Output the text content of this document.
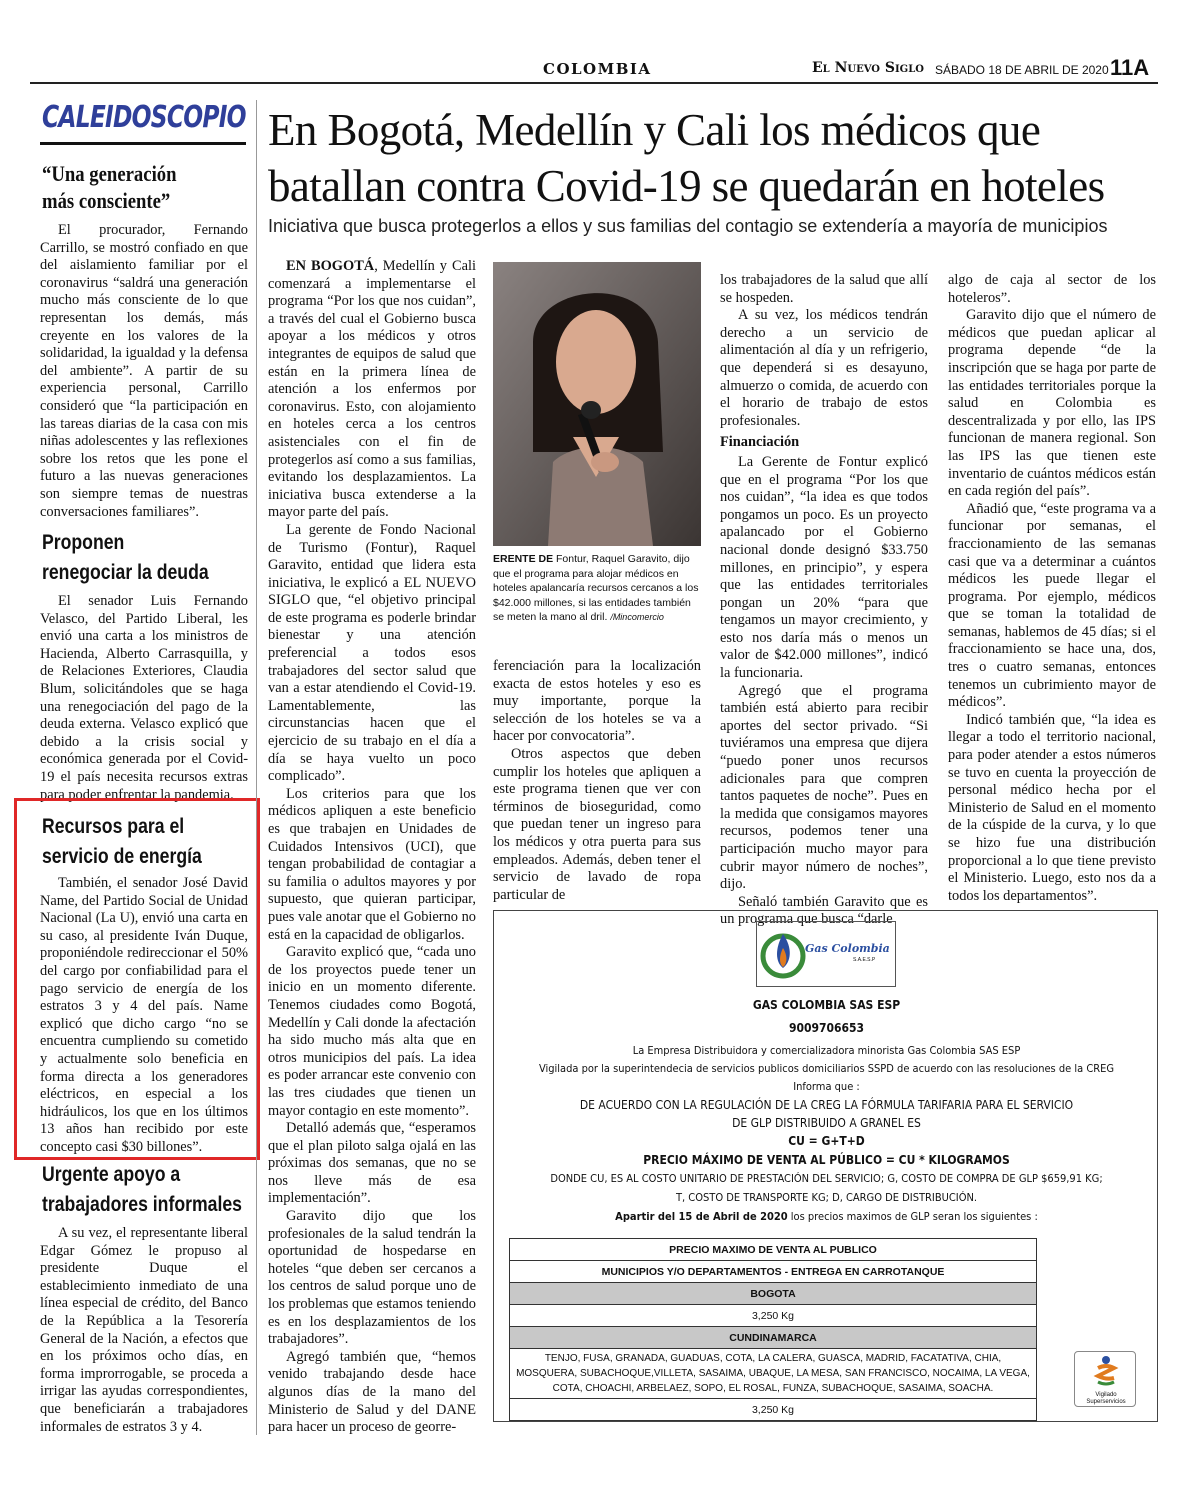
COLOMBIA	El Nuevo Siglo SÁBADO 18 DE ABRIL DE 2020 11A
CALEIDOSCOPIO
“Una generación
más consciente”

El procurador, Fernando Carrillo, se mostró confiado en que del aislamiento familiar por el coronavirus “saldrá una generación mucho más consciente de lo que representan los demás, más creyente en los valores de la solidaridad, la igualdad y la defensa del ambiente”. A partir de su experiencia personal, Carrillo consideró que “la participación en las tareas diarias de la casa con mis niñas adolescentes y las reflexiones sobre los retos que les pone el futuro a las nuevas generaciones son siempre temas de nuestras conversaciones familiares”.

Proponen
renegociar la deuda

El senador Luis Fernando Velasco, del Partido Liberal, les envió una carta a los ministros de Hacienda, Alberto Carrasquilla, y de Relaciones Exteriores, Claudia Blum, solicitándoles que se haga una renegociación del pago de la deuda externa. Velasco explicó que debido a la crisis social y económica generada por el Covid-19 el país necesita recursos extras para poder enfrentar la pandemia.

Recursos para el
servicio de energía

También, el senador José David Name, del Partido Social de Unidad Nacional (La U), envió una carta en su caso, al presidente Iván Duque, proponiéndole redireccionar el 50% del cargo por confiabilidad para el pago servicio de energía de los estratos 3 y 4 del país. Name explicó que dicho cargo “no se encuentra cumpliendo su cometido y actualmente solo beneficia en forma directa a los generadores eléctricos, en especial a los hidráulicos, los que en los últimos 13 años han recibido por este concepto casi $30 billones”.

Urgente apoyo a
trabajadores informales

A su vez, el representante liberal Edgar Gómez le propuso al presidente Duque el establecimiento inmediato de una línea especial de crédito, del Banco de la República a la Tesorería General de la Nación, a efectos que en los próximos ocho días, en forma improrrogable, se proceda a irrigar las ayudas correspondientes, que beneficiarán a trabajadores informales de estratos 3 y 4.

En Bogotá, Medellín y Cali los médicos que batallan contra Covid-19 se quedarán en hoteles
Iniciativa que busca protegerlos a ellos y sus familias del contagio se extendería a mayoría de municipios

EN BOGOTÁ, Medellín y Cali comenzará a implementarse el programa “Por los que nos cuidan”, a través del cual el Gobierno busca apoyar a los médicos y otros integrantes de equipos de salud que están en la primera línea de atención a los enfermos por coronavirus. Esto, con alojamiento en hoteles cerca a los centros asistenciales con el fin de protegerlos así como a sus familias, evitando los desplazamientos. La iniciativa busca extenderse a la mayor parte del país.

La gerente de Fondo Nacional de Turismo (Fontur), Raquel Garavito, entidad que lidera esta iniciativa, le explicó a EL NUEVO SIGLO que, “el objetivo principal de este programa es poderle brindar bienestar y una atención preferencial a todos esos trabajadores del sector salud que van a estar atendiendo el Covid-19. Lamentablemente, las circunstancias hacen que el ejercicio de su trabajo en el día a día se haya vuelto un poco complicado”.

Los criterios para que los médicos apliquen a este beneficio es que trabajen en Unidades de Cuidados Intensivos (UCI), que tengan probabilidad de contagiar a su familia o adultos mayores y por supuesto, que quieran participar, pues vale anotar que el Gobierno no está en la capacidad de obligarlos.

Garavito explicó que, “cada uno de los proyectos puede tener un inicio en un momento diferente. Tenemos ciudades como Bogotá, Medellín y Cali donde la afectación ha sido mucho más alta que en otros municipios del país. La idea es poder arrancar este convenio con las tres ciudades que tienen un mayor contagio en este momento”.

Detalló además que, “esperamos que el plan piloto salga ojalá en las próximas dos semanas, que no se nos lleve más de esa implementación”.

Garavito dijo que los profesionales de la salud tendrán la oportunidad de hospedarse en hoteles “que deben ser cercanos a los centros de salud porque uno de los problemas que estamos teniendo es en los desplazamientos de los trabajadores”.

Agregó también que, “hemos venido trabajando desde hace algunos días de la mano del Ministerio de Salud y del DANE para hacer un proceso de georre-

ERENTE DE Fontur, Raquel Garavito, dijo que el programa para alojar médicos en hoteles apalancaría recursos cercanos a los $42.000 millones, si las entidades también se meten la mano al dril. /Mincomercio

ferenciación para la localización exacta de estos hoteles y eso es muy importante, porque la selección de los hoteles se va a hacer por convocatoria”.

Otros aspectos que deben cumplir los hoteles que apliquen a este programa tienen que ver con términos de bioseguridad, como que puedan tener un ingreso para los médicos y otra puerta para sus empleados. Además, deben tener el servicio de lavado de ropa particular de

los trabajadores de la salud que allí se hospeden.

A su vez, los médicos tendrán derecho a un servicio de alimentación al día y un refrigerio, que dependerá si es desayuno, almuerzo o comida, de acuerdo con el horario de trabajo de estos profesionales.

Financiación

La Gerente de Fontur explicó que en el programa “Por los que nos cuidan”, “la idea es que todos pongamos un poco. Es un proyecto apalancado por el Gobierno nacional donde designó $33.750 millones, en principio”, y espera que las entidades territoriales pongan un 20% “para que tengamos un mayor crecimiento, y esto nos daría más o menos un valor de $42.000 millones”, indicó la funcionaria.

Agregó que el programa también está abierto para recibir aportes del sector privado. “Si tuviéramos una empresa que dijera “puedo poner unos recursos adicionales para que compren tantos paquetes de noche”. Pues en la medida que consigamos mayores recursos, podemos tener una participación mucho mayor para cubrir mayor número de noches”, dijo.

Señaló también Garavito que es un programa que busca “darle

algo de caja al sector de los hoteleros”.

Garavito dijo que el número de médicos que puedan aplicar al programa depende “de la inscripción que se haga por parte de las entidades territoriales porque la salud en Colombia es descentralizada y por ello, las IPS funcionan de manera regional. Son las IPS las que tienen este inventario de cuántos médicos están en cada región del país”.

Añadió que, “este programa va a funcionar por semanas, el fraccionamiento de las semanas casi que va a determinar a cuántos médicos les puede llegar el programa. Por ejemplo, médicos que se toman la totalidad de semanas, hablemos de 45 días; si el fraccionamiento se hace una, dos, tres o cuatro semanas, entonces tenemos un cubrimiento mayor de médicos”.

Indicó también que, “la idea es llegar a todo el territorio nacional, para poder atender a estos números se tuvo en cuenta la proyección de personal médico hecha por el Ministerio de Salud en el momento de la cúspide de la curva, y lo que se hizo fue una distribución proporcional a lo que tiene previsto el Ministerio. Luego, esto nos da a todos los departamentos”.

Gas Colombia
S.A.E.S.P
GAS COLOMBIA SAS ESP
9009706653
La Empresa Distribuidora y comercializadora minorista Gas Colombia SAS ESP
Vigilada por la superintendecia de servicios publicos domiciliarios SSPD de acuerdo con las resoluciones de la CREG
Informa que :
DE ACUERDO CON LA REGULACIÓN DE LA CREG LA FÓRMULA TARIFARIA PARA EL SERVICIO
DE GLP DISTRIBUIDO A GRANEL ES
CU = G+T+D
PRECIO MÁXIMO DE VENTA AL PÚBLICO = CU * KILOGRAMOS
DONDE CU, ES AL COSTO UNITARIO DE PRESTACIÓN DEL SERVICIO; G, COSTO DE COMPRA DE GLP $659,91 KG;
T, COSTO DE TRANSPORTE KG; D, CARGO DE DISTRIBUCIÓN.
Apartir del 15 de Abril de 2020 los precios maximos de GLP seran los siguientes :
PRECIO MAXIMO DE VENTA AL PUBLICO
MUNICIPIOS Y/O DEPARTAMENTOS - ENTREGA EN CARROTANQUE
BOGOTA
3,250 Kg
CUNDINAMARCA
TENJO, FUSA, GRANADA, GUADUAS, COTA, LA CALERA, GUASCA, MADRID, FACATATIVA, CHIA, MOSQUERA, SUBACHOQUE,VILLETA, SASAIMA, UBAQUE, LA MESA, SAN FRANCISCO, NOCAIMA, LA VEGA, COTA, CHOACHI, ARBELAEZ, SOPO, EL ROSAL, FUNZA, SUBACHOQUE, SASAIMA, SOACHA.
3,250 Kg
Vigilado Superservicios
